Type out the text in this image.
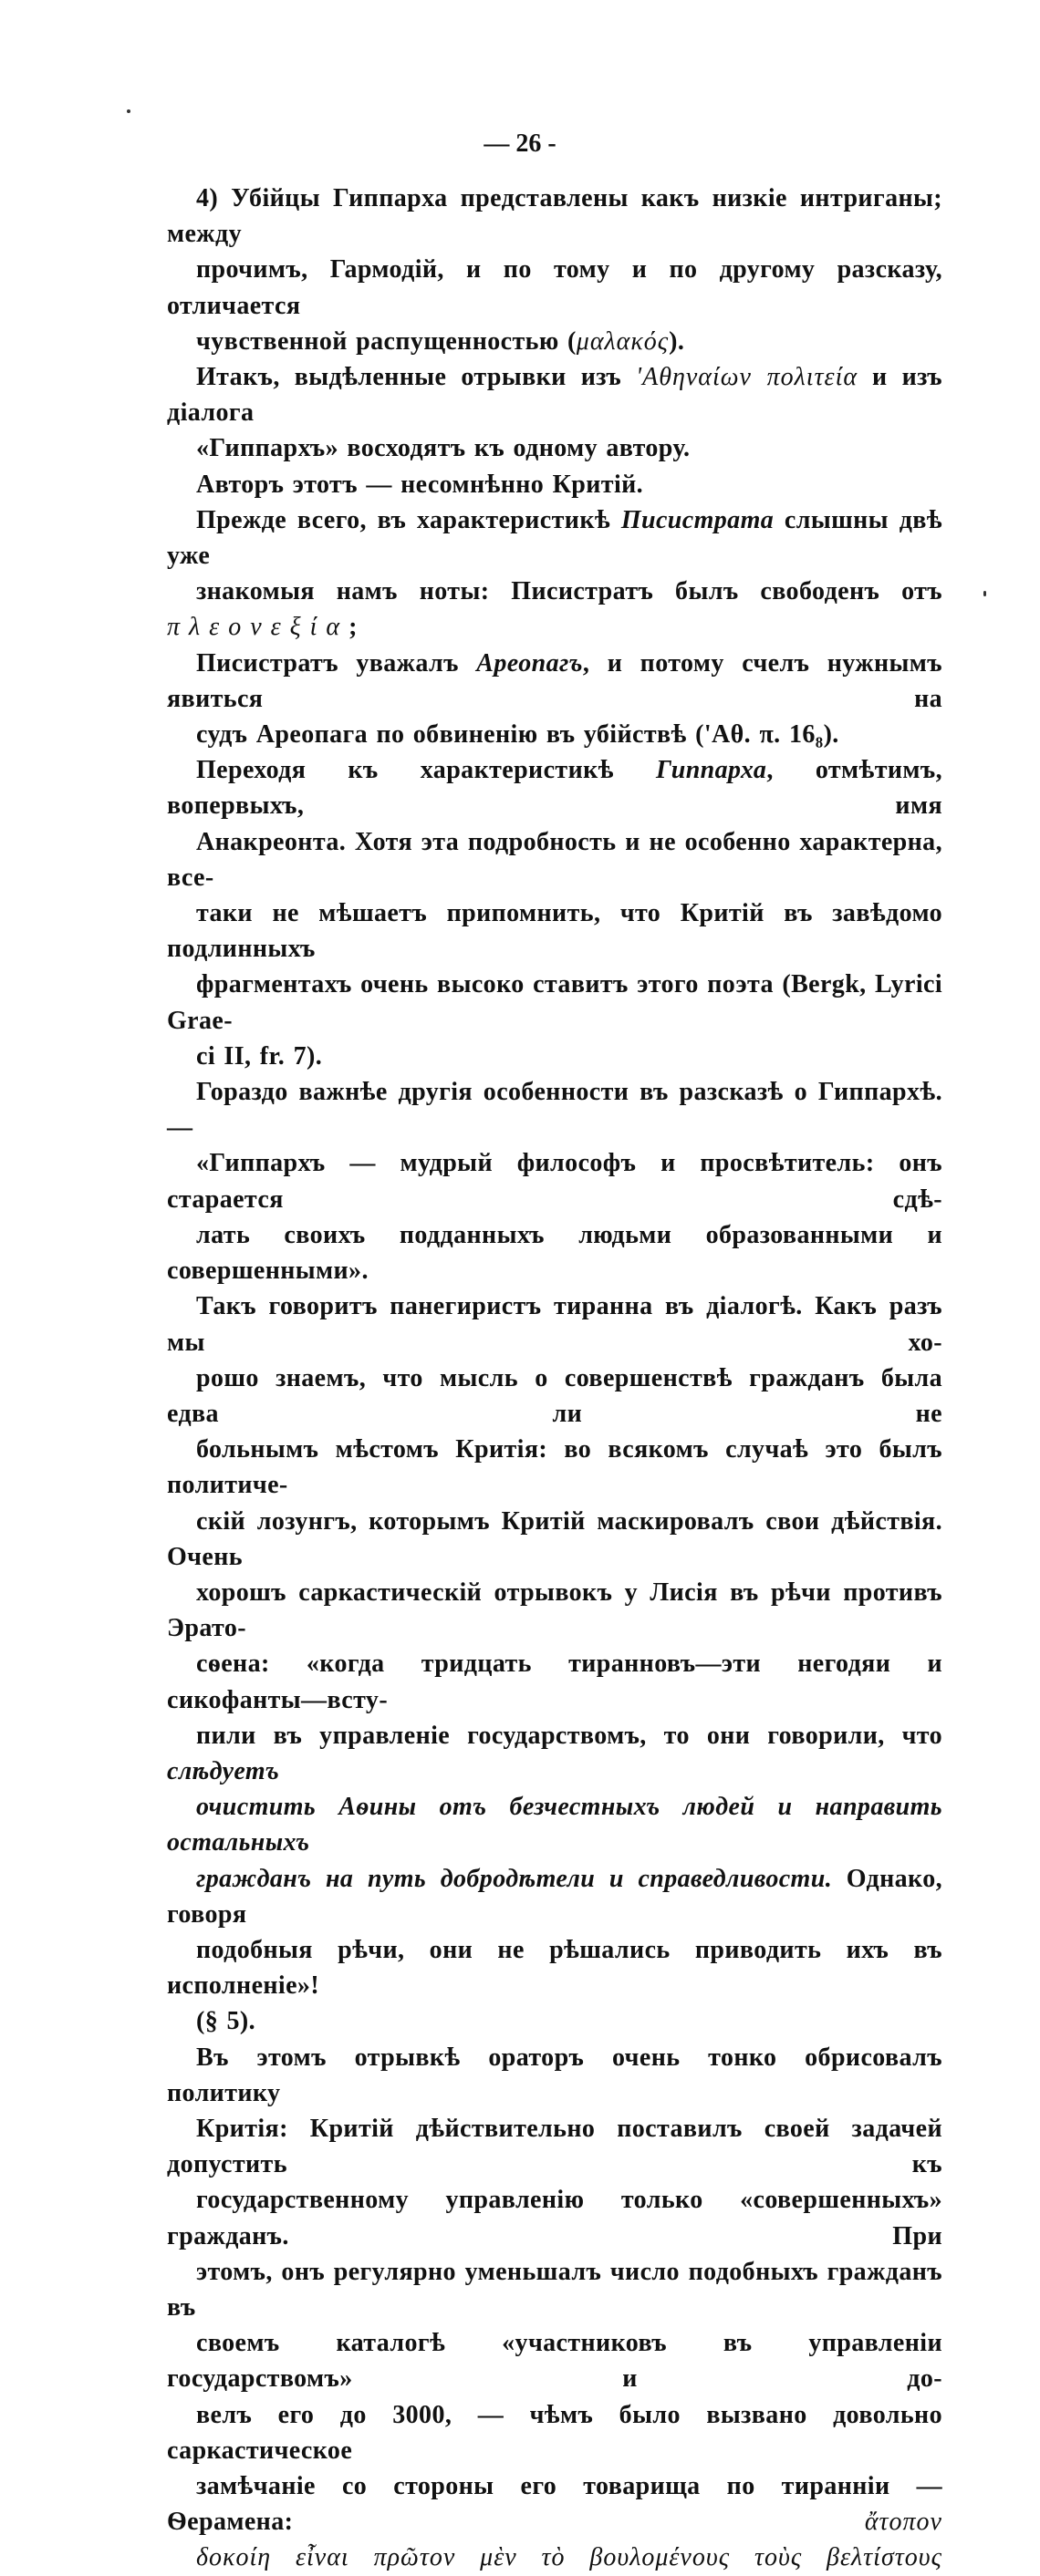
— 26 -

4) Убійцы Гиппарха представлены какъ низкіе интриганы; между
прочимъ, Гармодій, и по тому и по другому разсказу, отличается
чувственной распущенностью (μαλακός).

Итакъ, выдѣленные отрывки изъ 'Αθηναίων πολιτεία и изъ діалога
«Гиппархъ» восходятъ къ одному автору.

Авторъ этотъ — несомнѣнно Критій.

Прежде всего, въ характеристикѣ Писистрата слышны двѣ уже
знакомыя намъ ноты: Писистратъ былъ свободенъ отъ πλεονεξία;
Писистратъ уважалъ Ареопагъ, и потому счелъ нужнымъ явиться на
судъ Ареопага по обвиненію въ убійствѣ ('Αθ. π. 16₈).

Переходя къ характеристикѣ Гиппарха, отмѣтимъ, вопервыхъ, имя
Анакреонта. Хотя эта подробность и не особенно характерна, все-
таки не мѣшаетъ припомнить, что Критій въ завѣдомо подлинныхъ
фрагментахъ очень высоко ставитъ этого поэта (Bergk, Lyrici Grae-
ci II, fr. 7).

Гораздо важнѣе другія особенности въ разсказѣ о Гиппархѣ.—
«Гиппархъ — мудрый философъ и просвѣтитель: онъ старается сдѣ-
лать своихъ подданныхъ людьми образованными и совершенными».
Такъ говоритъ панегиристъ тиранна въ діалогѣ. Какъ разъ мы хо-
рошо знаемъ, что мысль о совершенствѣ гражданъ была едва ли не
больнымъ мѣстомъ Критія: во всякомъ случаѣ это былъ политиче-
скій лозунгъ, которымъ Критій маскировалъ свои дѣйствія. Очень
хорошъ саркастическій отрывокъ у Лисія въ рѣчи противъ Эрато-
сѳена: «когда тридцать тиранновъ—эти негодяи и сикофанты—всту-
пили въ управленіе государствомъ, то они говорили, что слѣдуетъ
очистить Аѳины отъ безчестныхъ людей и направить остальныхъ
гражданъ на путь добродѣтели и справедливости. Однако, говоря
подобныя рѣчи, они не рѣшались приводить ихъ въ исполненіе»!
(§ 5).

Въ этомъ отрывкѣ ораторъ очень тонко обрисовалъ политику
Критія: Критій дѣйствительно поставилъ своей задачей допустить къ
государственному управленію только «совершенныхъ» гражданъ. При
этомъ, онъ регулярно уменьшалъ число подобныхъ гражданъ въ
своемъ каталогѣ «участниковъ въ управленіи государствомъ» и до-
велъ его до 3000, — чѣмъ было вызвано довольно саркастическое
замѣчаніе со стороны его товарища по тиранніи — Ѳерамена: ἄτοπον
δοκοίη εἶναι πρῶτον μὲν τὸ βουλομένους τοὺς βελτίστους
